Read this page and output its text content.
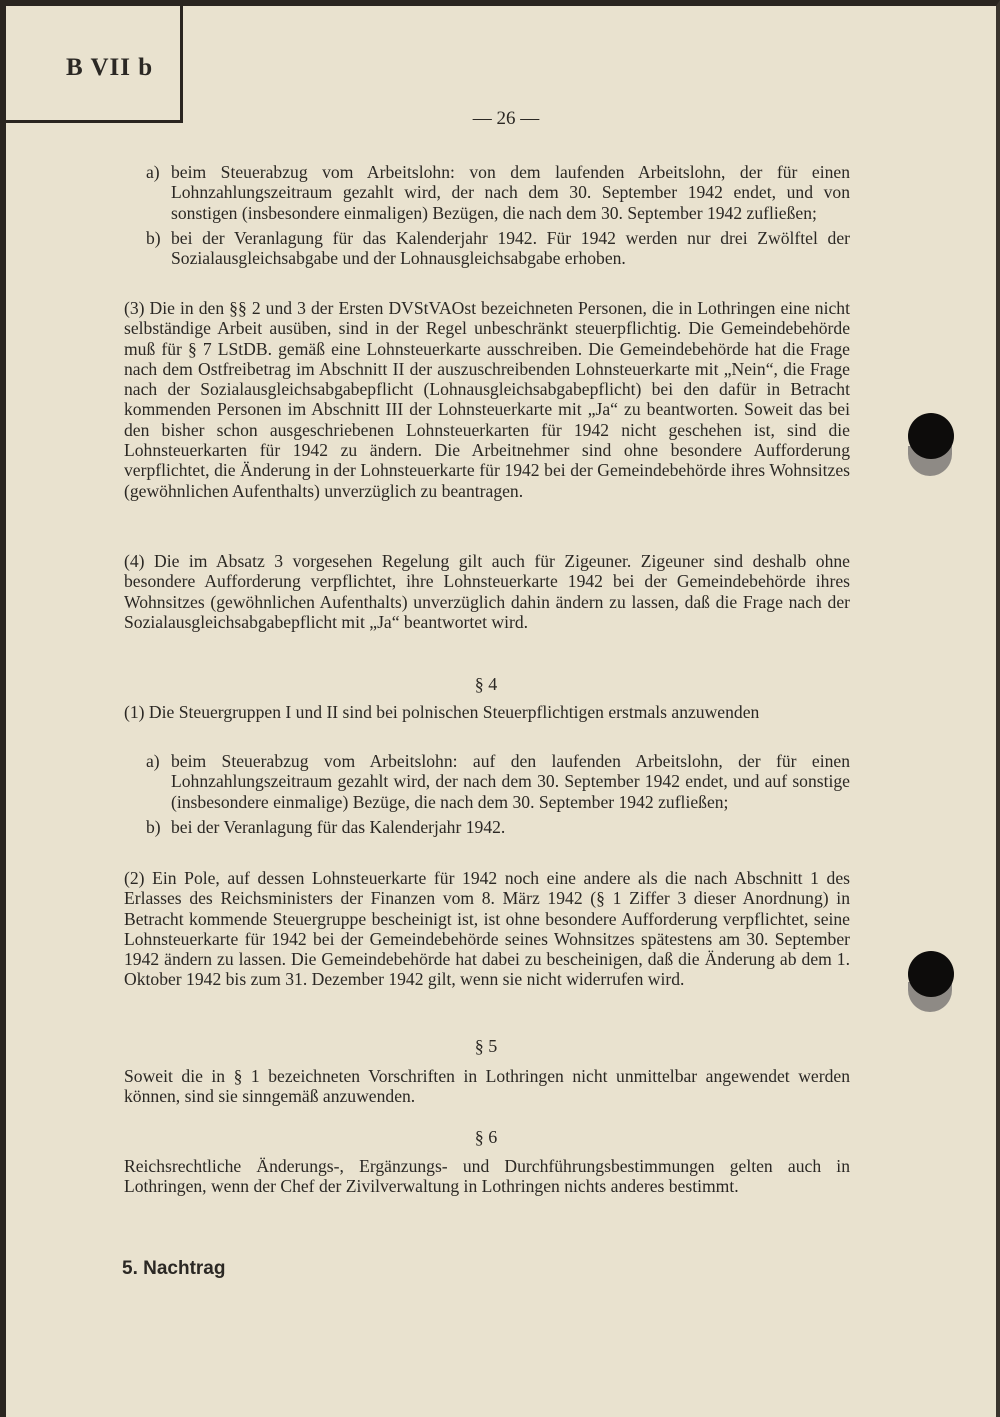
B VII b
— 26 —
a) beim Steuerabzug vom Arbeitslohn: von dem laufenden Arbeitslohn, der für einen Lohnzahlungszeitraum gezahlt wird, der nach dem 30. September 1942 endet, und von sonstigen (insbesondere einmaligen) Bezügen, die nach dem 30. September 1942 zufließen;

b) bei der Veranlagung für das Kalenderjahr 1942. Für 1942 werden nur drei Zwölftel der Sozialausgleichsabgabe und der Lohnausgleichsabgabe erhoben.

(3) Die in den §§ 2 und 3 der Ersten DVStVAOst bezeichneten Personen, die in Lothringen eine nicht selbständige Arbeit ausüben, sind in der Regel unbeschränkt steuerpflichtig. Die Gemeindebehörde muß für § 7 LStDB. gemäß eine Lohnsteuerkarte ausschreiben. Die Gemeindebehörde hat die Frage nach dem Ostfreibetrag im Abschnitt II der auszuschreibenden Lohnsteuerkarte mit „Nein“, die Frage nach der Sozialausgleichsabgabepflicht (Lohnausgleichsabgabepflicht) bei den dafür in Betracht kommenden Personen im Abschnitt III der Lohnsteuerkarte mit „Ja“ zu beantworten. Soweit das bei den bisher schon ausgeschriebenen Lohnsteuerkarten für 1942 nicht geschehen ist, sind die Lohnsteuerkarten für 1942 zu ändern. Die Arbeitnehmer sind ohne besondere Aufforderung verpflichtet, die Änderung in der Lohnsteuerkarte für 1942 bei der Gemeindebehörde ihres Wohnsitzes (gewöhnlichen Aufenthalts) unverzüglich zu beantragen.

(4) Die im Absatz 3 vorgesehen Regelung gilt auch für Zigeuner. Zigeuner sind deshalb ohne besondere Aufforderung verpflichtet, ihre Lohnsteuerkarte 1942 bei der Gemeindebehörde ihres Wohnsitzes (gewöhnlichen Aufenthalts) unverzüglich dahin ändern zu lassen, daß die Frage nach der Sozialausgleichsabgabepflicht mit „Ja“ beantwortet wird.

§ 4

(1) Die Steuergruppen I und II sind bei polnischen Steuerpflichtigen erstmals anzuwenden

a) beim Steuerabzug vom Arbeitslohn: auf den laufenden Arbeitslohn, der für einen Lohnzahlungszeitraum gezahlt wird, der nach dem 30. September 1942 endet, und auf sonstige (insbesondere einmalige) Bezüge, die nach dem 30. September 1942 zufließen;

b) bei der Veranlagung für das Kalenderjahr 1942.

(2) Ein Pole, auf dessen Lohnsteuerkarte für 1942 noch eine andere als die nach Abschnitt 1 des Erlasses des Reichsministers der Finanzen vom 8. März 1942 (§ 1 Ziffer 3 dieser Anordnung) in Betracht kommende Steuergruppe bescheinigt ist, ist ohne besondere Aufforderung verpflichtet, seine Lohnsteuerkarte für 1942 bei der Gemeindebehörde seines Wohnsitzes spätestens am 30. September 1942 ändern zu lassen. Die Gemeindebehörde hat dabei zu bescheinigen, daß die Änderung ab dem 1. Oktober 1942 bis zum 31. Dezember 1942 gilt, wenn sie nicht widerrufen wird.

§ 5

Soweit die in § 1 bezeichneten Vorschriften in Lothringen nicht unmittelbar angewendet werden können, sind sie sinngemäß anzuwenden.

§ 6

Reichsrechtliche Änderungs-, Ergänzungs- und Durchführungsbestimmungen gelten auch in Lothringen, wenn der Chef der Zivilverwaltung in Lothringen nichts anderes bestimmt.

5. Nachtrag
